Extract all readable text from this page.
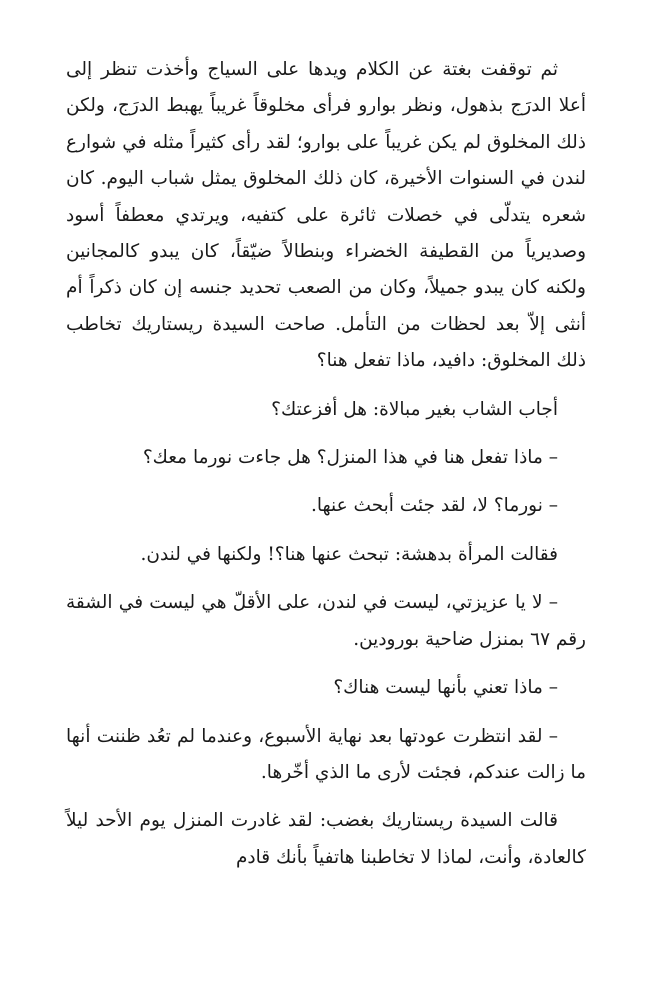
ثم توقفت بغتة عن الكلام ويدها على السياج وأخذت تنظر إلى أعلا الدرَج بذهول، ونظر بوارو فرأى مخلوقاً غريباً يهبط الدرَج، ولكن ذلك المخلوق لم يكن غريباً على بوارو؛ لقد رأى كثيراً مثله في شوارع لندن في السنوات الأخيرة، كان ذلك المخلوق يمثل شباب اليوم. كان شعره يتدلّى في خصلات ثائرة على كتفيه، ويرتدي معطفاً أسود وصديرياً من القطيفة الخضراء وبنطالاً ضيّقاً، كان يبدو كالمجانين ولكنه كان يبدو جميلاً، وكان من الصعب تحديد جنسه إن كان ذكراً أم أنثى إلاّ بعد لحظات من التأمل. صاحت السيدة ريستاريك تخاطب ذلك المخلوق: دافيد، ماذا تفعل هنا؟

أجاب الشاب بغير مبالاة: هل أفزعتك؟

– ماذا تفعل هنا في هذا المنزل؟ هل جاءت نورما معك؟

– نورما؟ لا، لقد جئت أبحث عنها.

فقالت المرأة بدهشة: تبحث عنها هنا؟! ولكنها في لندن.

– لا يا عزيزتي، ليست في لندن، على الأقلّ هي ليست في الشقة رقم ٦٧ بمنزل ضاحية بورودين.

– ماذا تعني بأنها ليست هناك؟

– لقد انتظرت عودتها بعد نهاية الأسبوع، وعندما لم تعُد ظننت أنها ما زالت عندكم، فجئت لأرى ما الذي أخّرها.

قالت السيدة ريستاريك بغضب: لقد غادرت المنزل يوم الأحد ليلاً كالعادة، وأنت، لماذا لا تخاطبنا هاتفياً بأنك قادم
